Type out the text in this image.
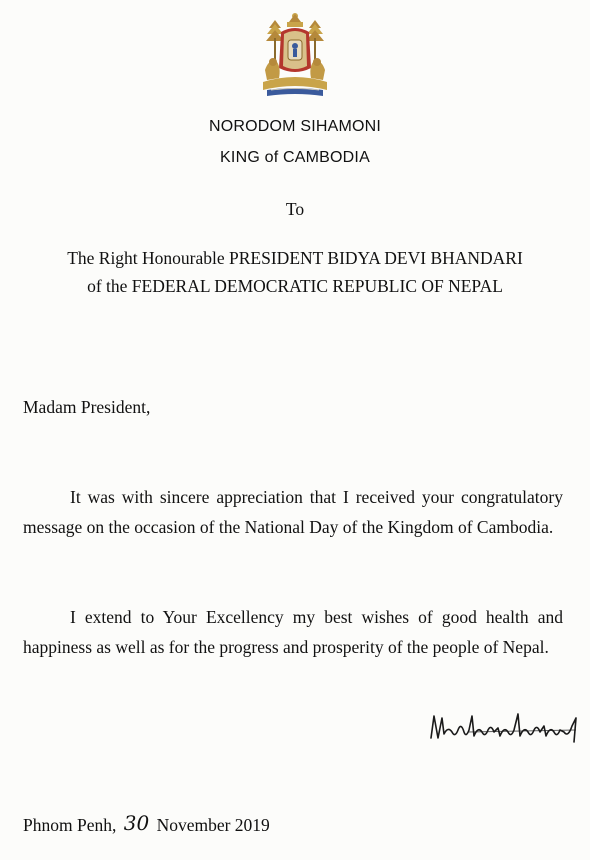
NORODOM SIHAMONI
KING of CAMBODIA
To
The Right Honourable PRESIDENT BIDYA DEVI BHANDARI
of the FEDERAL DEMOCRATIC REPUBLIC OF NEPAL
Madam President,
It was with sincere appreciation that I received your congratulatory message on the occasion of the National Day of the Kingdom of Cambodia.
I extend to Your Excellency my best wishes of good health and happiness as well as for the progress and prosperity of the people of Nepal.
Phnom Penh, 30 November 2019
